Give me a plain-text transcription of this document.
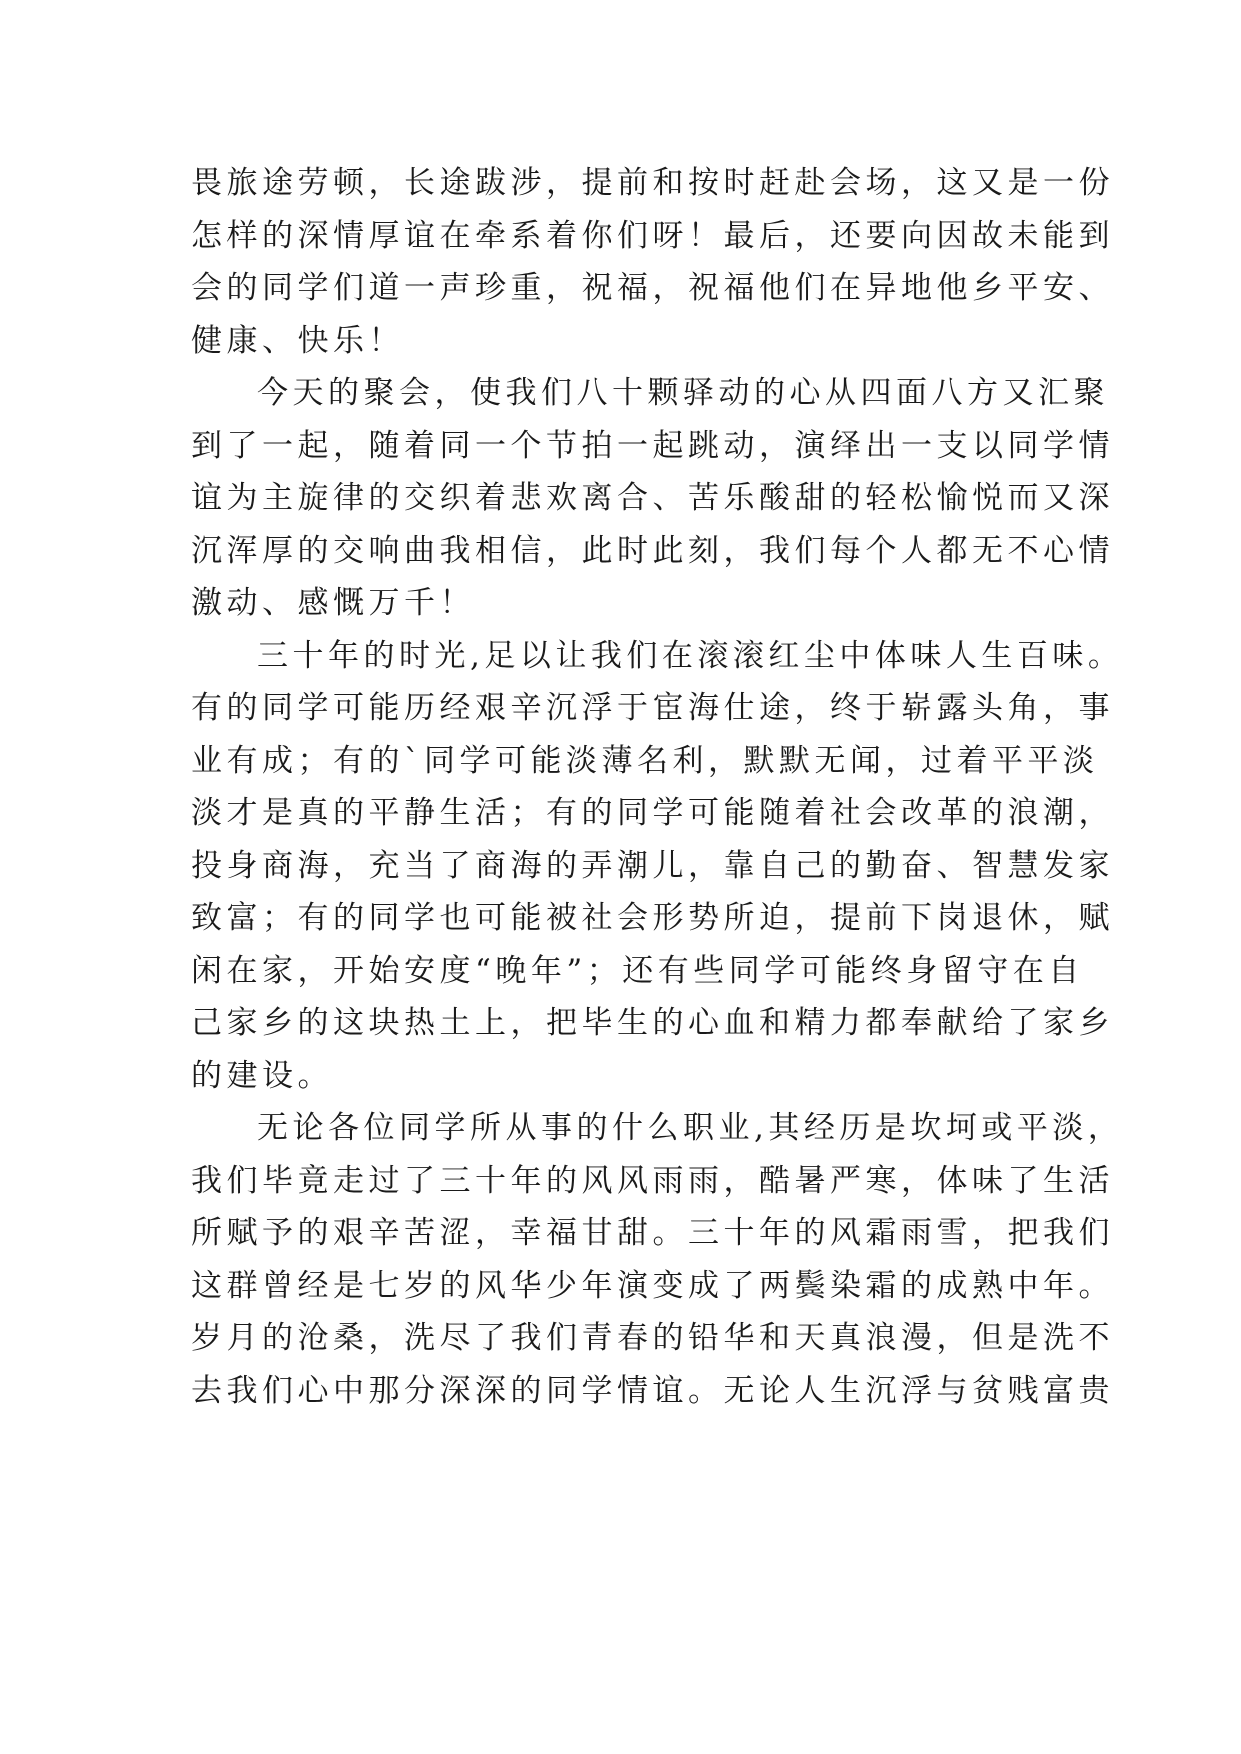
畏旅途劳顿，长途跋涉，提前和按时赶赴会场，这又是一份
怎样的深情厚谊在牵系着你们呀！最后，还要向因故未能到
会的同学们道一声珍重，祝福，祝福他们在异地他乡平安、
健康、快乐！
今天的聚会，使我们八十颗驿动的心从四面八方又汇聚
到了一起，随着同一个节拍一起跳动，演绎出一支以同学情
谊为主旋律的交织着悲欢离合、苦乐酸甜的轻松愉悦而又深
沉浑厚的交响曲我相信，此时此刻，我们每个人都无不心情
激动、感慨万千！
三十年的时光,足以让我们在滚滚红尘中体味人生百味。
有的同学可能历经艰辛沉浮于宦海仕途，终于崭露头角，事
业有成；有的`同学可能淡薄名利，默默无闻，过着平平淡
淡才是真的平静生活；有的同学可能随着社会改革的浪潮，
投身商海，充当了商海的弄潮儿，靠自己的勤奋、智慧发家
致富；有的同学也可能被社会形势所迫，提前下岗退休，赋
闲在家，开始安度“晚年”；还有些同学可能终身留守在自
己家乡的这块热土上，把毕生的心血和精力都奉献给了家乡
的建设。
无论各位同学所从事的什么职业,其经历是坎坷或平淡，
我们毕竟走过了三十年的风风雨雨，酷暑严寒，体味了生活
所赋予的艰辛苦涩，幸福甘甜。三十年的风霜雨雪，把我们
这群曾经是七岁的风华少年演变成了两鬓染霜的成熟中年。
岁月的沧桑，洗尽了我们青春的铅华和天真浪漫，但是洗不
去我们心中那分深深的同学情谊。无论人生沉浮与贫贱富贵
